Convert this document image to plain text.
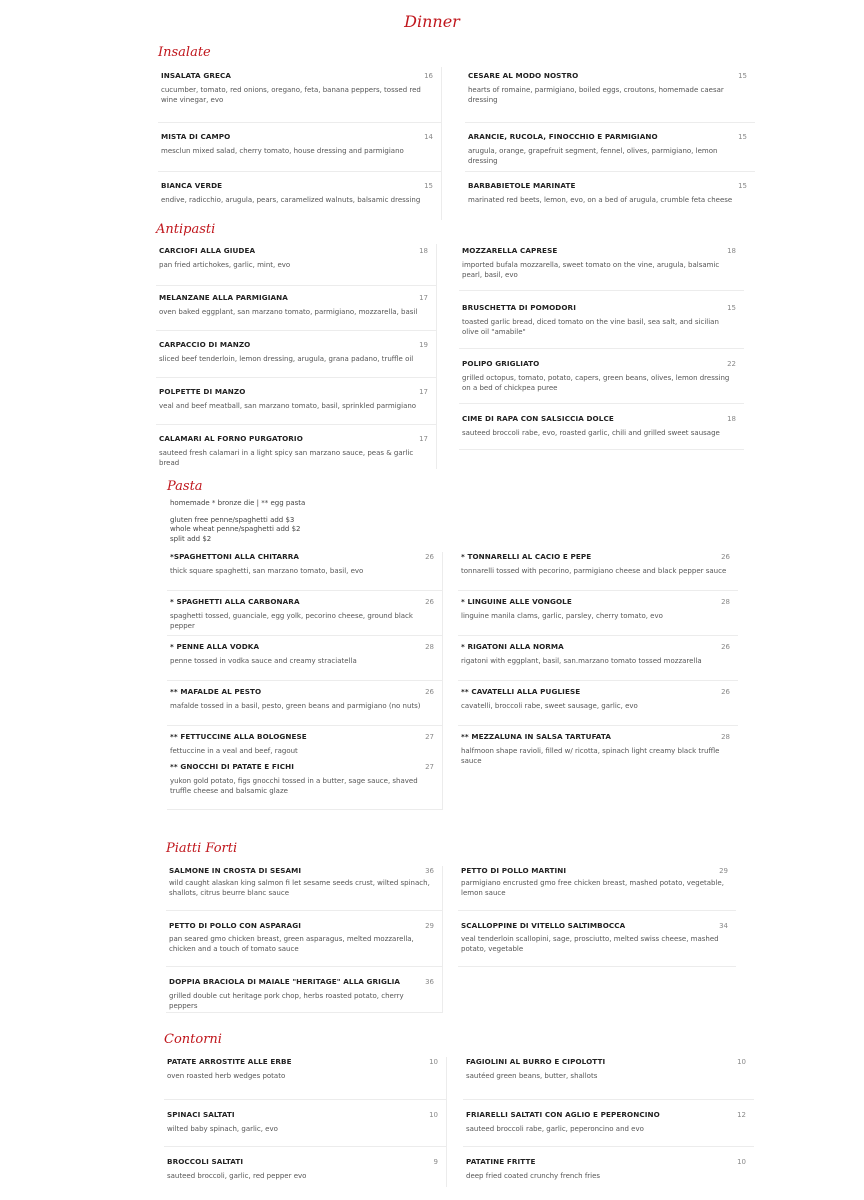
Dinner
Insalate
INSALATA GRECA	16
cucumber, tomato, red onions, oregano, feta, banana peppers, tossed red wine vinegar, evo
MISTA DI CAMPO	14
mesclun mixed salad, cherry tomato, house dressing and parmigiano
BIANCA VERDE	15
endive, radicchio, arugula, pears, caramelized walnuts, balsamic dressing
CESARE AL MODO NOSTRO	15
hearts of romaine, parmigiano, boiled eggs, croutons, homemade caesar dressing
ARANCIE, RUCOLA, FINOCCHIO E PARMIGIANO	15
arugula, orange, grapefruit segment, fennel, olives, parmigiano, lemon dressing
BARBABIETOLE MARINATE	15
marinated red beets, lemon, evo, on a bed of arugula, crumble feta cheese
Antipasti
CARCIOFI ALLA GIUDEA	18
pan fried artichokes, garlic, mint, evo
MELANZANE ALLA PARMIGIANA	17
oven baked eggplant, san marzano tomato, parmigiano, mozzarella, basil
CARPACCIO DI MANZO	19
sliced beef tenderloin, lemon dressing, arugula, grana padano, truffle oil
POLPETTE DI MANZO	17
veal and beef meatball, san marzano tomato, basil, sprinkled parmigiano
CALAMARI AL FORNO PURGATORIO	17
sauteed fresh calamari in a light spicy san marzano sauce, peas & garlic bread
MOZZARELLA CAPRESE	18
imported bufala mozzarella, sweet tomato on the vine, arugula, balsamic pearl, basil, evo
BRUSCHETTA DI POMODORI	15
toasted garlic bread, diced tomato on the vine basil, sea salt, and sicilian olive oil "amabile"
POLIPO GRIGLIATO	22
grilled octopus, tomato, potato, capers, green beans, olives, lemon dressing on a bed of chickpea puree
CIME DI RAPA CON SALSICCIA DOLCE	18
sauteed broccoli rabe, evo, roasted garlic, chili and grilled sweet sausage
Pasta
homemade * bronze die | ** egg pasta
gluten free penne/spaghetti add $3
whole wheat penne/spaghetti add $2
split add $2
*SPAGHETTONI ALLA CHITARRA	26
thick square spaghetti, san marzano tomato, basil, evo
* SPAGHETTI ALLA CARBONARA	26
spaghetti tossed, guanciale, egg yolk, pecorino cheese, ground black pepper
* PENNE ALLA VODKA	28
penne tossed in vodka sauce and creamy straciatella
** MAFALDE AL PESTO	26
mafalde tossed in a basil, pesto, green beans and parmigiano (no nuts)
** FETTUCCINE ALLA BOLOGNESE	27
fettuccine in a veal and beef, ragout
** GNOCCHI DI PATATE E FICHI	27
yukon gold potato, figs gnocchi tossed in a butter, sage sauce, shaved truffle cheese and balsamic glaze
* TONNARELLI AL CACIO E PEPE	26
tonnarelli tossed with pecorino, parmigiano cheese and black pepper sauce
* LINGUINE ALLE VONGOLE	28
linguine manila clams, garlic, parsley, cherry tomato, evo
* RIGATONI ALLA NORMA	26
rigatoni with eggplant, basil, san.marzano tomato tossed mozzarella
** CAVATELLI ALLA PUGLIESE	26
cavatelli, broccoli rabe, sweet sausage, garlic, evo
** MEZZALUNA IN SALSA TARTUFATA	28
halfmoon shape ravioli, filled w/ ricotta, spinach light creamy black truffle sauce
Piatti Forti
SALMONE IN CROSTA DI SESAMI	36
wild caught alaskan king salmon fi let sesame seeds crust, wilted spinach, shallots, citrus beurre blanc sauce
PETTO DI POLLO CON ASPARAGI	29
pan seared gmo chicken breast, green asparagus, melted mozzarella, chicken and a touch of tomato sauce
DOPPIA BRACIOLA DI MAIALE "HERITAGE" ALLA GRIGLIA	36
grilled double cut heritage pork chop, herbs roasted potato, cherry peppers
PETTO DI POLLO MARTINI	29
parmigiano encrusted gmo free chicken breast, mashed potato, vegetable, lemon sauce
SCALLOPPINE DI VITELLO SALTIMBOCCA	34
veal tenderloin scallopini, sage, prosciutto, melted swiss cheese, mashed potato, vegetable
Contorni
PATATE ARROSTITE ALLE ERBE	10
oven roasted herb wedges potato
SPINACI SALTATI	10
wilted baby spinach, garlic, evo
BROCCOLI SALTATI	9
sauteed broccoli, garlic, red pepper evo
FAGIOLINI AL BURRO E CIPOLOTTI	10
sautéed green beans, butter, shallots
FRIARELLI SALTATI CON AGLIO E PEPERONCINO	12
sauteed broccoli rabe, garlic, peperoncino and evo
PATATINE FRITTE	10
deep fried coated crunchy french fries
